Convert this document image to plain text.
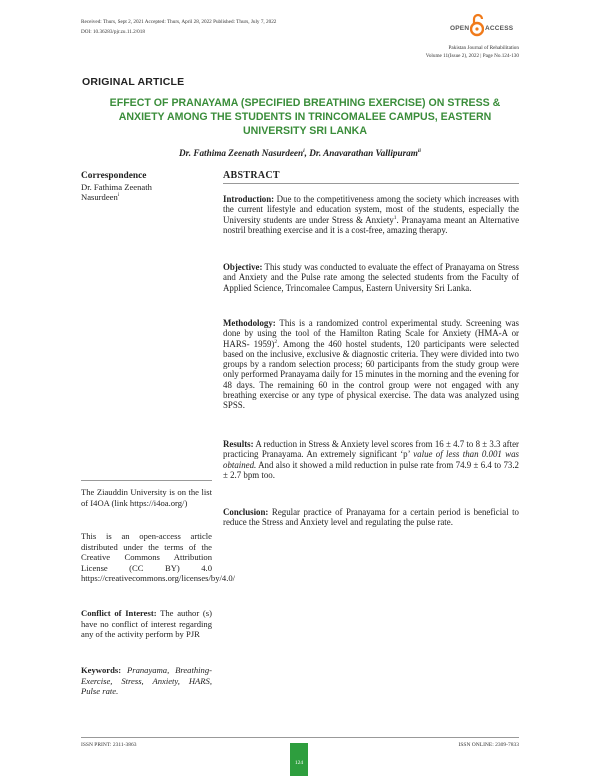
Received: Thurs, Sept 2, 2021 Accepted: Thurs, April 28, 2022 Published: Thurs, July 7, 2022
DOI: 10.36283/pjr.zu.11.2/018	OPEN ACCESS
Pakistan Journal of Rehabilitation
Volume 11(Issue 2), 2022 | Page No.124-130
ORIGINAL ARTICLE
EFFECT OF PRANAYAMA (SPECIFIED BREATHING EXERCISE) ON STRESS & ANXIETY AMONG THE STUDENTS IN TRINCOMALEE CAMPUS, EASTERN UNIVERSITY SRI LANKA
Dr. Fathima Zeenath Nasurdeen$^i$, Dr. Anavarathan Vallipuram$^{ii}$
Correspondence
Dr. Fathima Zeenath
Nasurdeen$^i$
The Ziauddin University is on the list of I4OA (link https://i4oa.org/)
This is an open-access article distributed under the terms of the Creative Commons Attribution License (CC BY) 4.0 https://creativecommons.org/licenses/by/4.0/
Conflict of Interest: The author (s) have no conflict of interest regarding any of the activity perform by PJR
Keywords: Pranayama, Breathing-Exercise, Stress, Anxiety, HARS, Pulse rate.
ABSTRACT
Introduction: Due to the competitiveness among the society which increases with the current lifestyle and education system, most of the students, especially the University students are under Stress & Anxiety$^1$. Pranayama meant an Alternative nostril breathing exercise and it is a cost-free, amazing therapy.
Objective: This study was conducted to evaluate the effect of Pranayama on Stress and Anxiety and the Pulse rate among the selected students from the Faculty of Applied Science, Trincomalee Campus, Eastern University Sri Lanka.
Methodology: This is a randomized control experimental study. Screening was done by using the tool of the Hamilton Rating Scale for Anxiety (HMA-A or HARS- 1959)$^2$. Among the 460 hostel students, 120 participants were selected based on the inclusive, exclusive & diagnostic criteria. They were divided into two groups by a random selection process; 60 participants from the study group were only performed Pranayama daily for 15 minutes in the morning and the evening for 48 days. The remaining 60 in the control group were not engaged with any breathing exercise or any type of physical exercise. The data was analyzed using SPSS.
Results: A reduction in Stress & Anxiety level scores from 16 ± 4.7 to 8 ± 3.3 after practicing Pranayama. An extremely significant ‘p’ value of less than 0.001 was obtained. And also it showed a mild reduction in pulse rate from 74.9 ± 6.4 to 73.2 ± 2.7 bpm too.
Conclusion: Regular practice of Pranayama for a certain period is beneficial to reduce the Stress and Anxiety level and regulating the pulse rate.
ISSN PRINT: 2311-3863	ISSN ONLINE: 2309-7833
124
